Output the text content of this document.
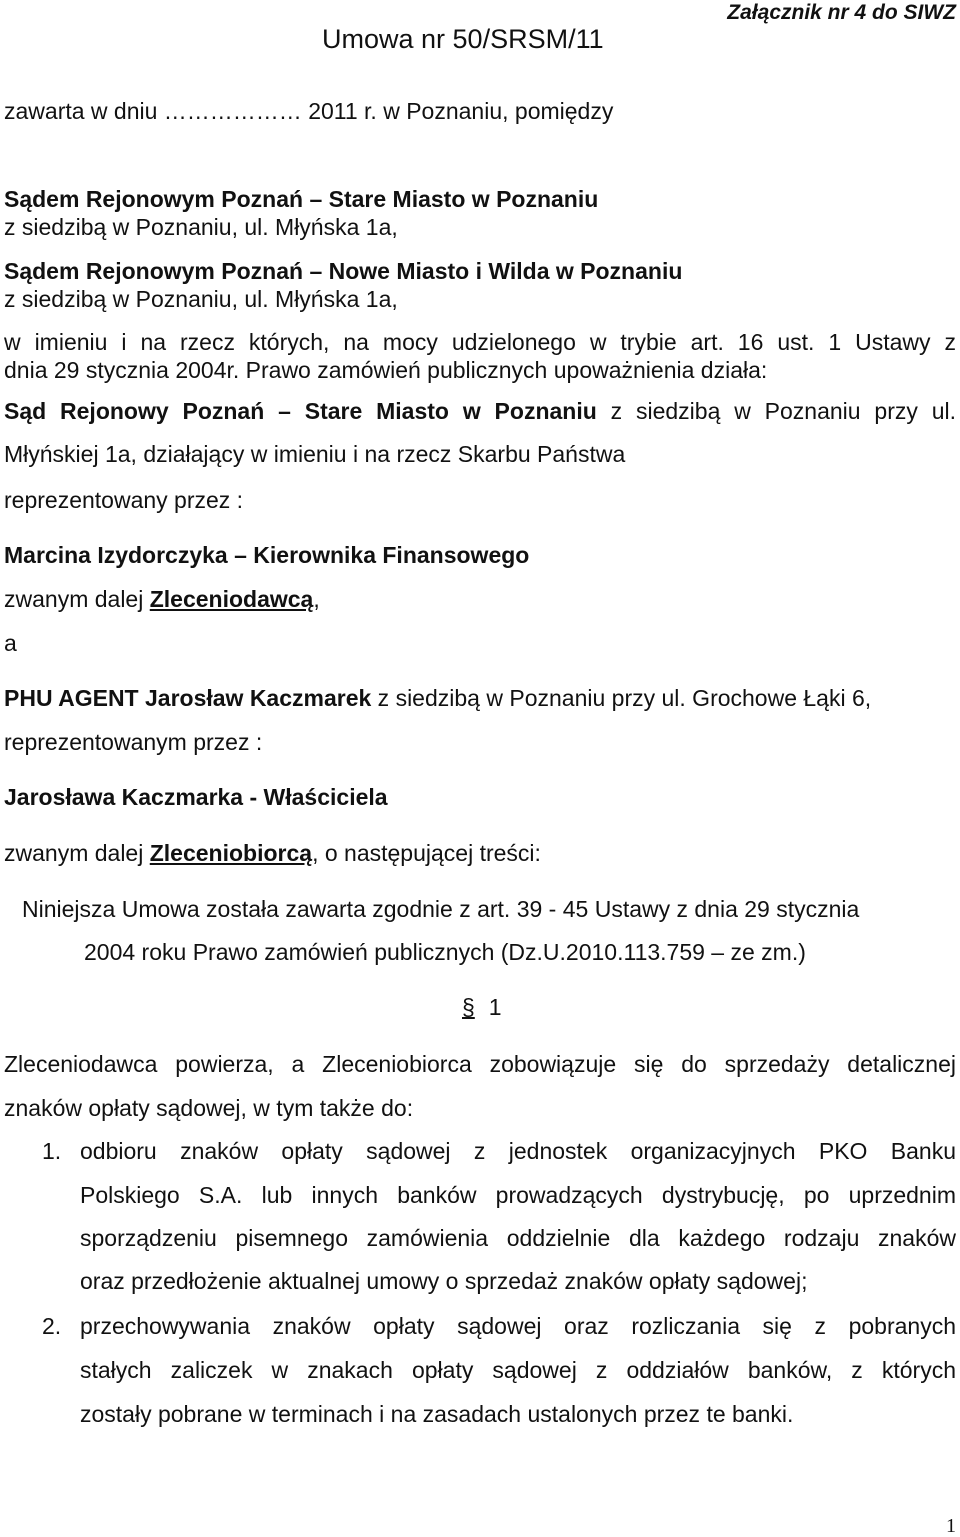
Załącznik nr 4 do SIWZ
Umowa nr 50/SRSM/11
zawarta w dniu ……………… 2011 r. w Poznaniu, pomiędzy
Sądem Rejonowym Poznań – Stare Miasto w Poznaniu
z siedzibą w Poznaniu, ul. Młyńska 1a,
Sądem Rejonowym Poznań – Nowe Miasto i Wilda w Poznaniu
z siedzibą w Poznaniu, ul. Młyńska 1a,
w imieniu i na rzecz których, na mocy udzielonego w trybie art. 16 ust. 1 Ustawy z
dnia 29 stycznia 2004r. Prawo zamówień publicznych upoważnienia działa:
Sąd Rejonowy Poznań – Stare Miasto w Poznaniu z siedzibą w Poznaniu przy ul.
Młyńskiej 1a, działający w imieniu i na rzecz Skarbu Państwa
reprezentowany przez :
Marcina Izydorczyka – Kierownika Finansowego
zwanym dalej Zleceniodawcą,
a
PHU AGENT Jarosław Kaczmarek z siedzibą w Poznaniu przy ul. Grochowe Łąki 6,
reprezentowanym przez :
Jarosława Kaczmarka - Właściciela
zwanym dalej Zleceniobiorcą, o następującej treści:
Niniejsza Umowa została zawarta zgodnie z art. 39 - 45 Ustawy z dnia 29 stycznia
2004 roku Prawo zamówień publicznych (Dz.U.2010.113.759 – ze zm.)
§ 1
Zleceniodawca powierza, a Zleceniobiorca zobowiązuje się do sprzedaży detalicznej
znaków opłaty sądowej, w tym także do:
1. odbioru znaków opłaty sądowej z jednostek organizacyjnych PKO Banku
Polskiego S.A. lub innych banków prowadzących dystrybucję, po uprzednim
sporządzeniu pisemnego zamówienia oddzielnie dla każdego rodzaju znaków
oraz przedłożenie aktualnej umowy o sprzedaż znaków opłaty sądowej;
2. przechowywania znaków opłaty sądowej oraz rozliczania się z pobranych
stałych zaliczek w znakach opłaty sądowej z oddziałów banków, z których
zostały pobrane w terminach i na zasadach ustalonych przez te banki.
1
